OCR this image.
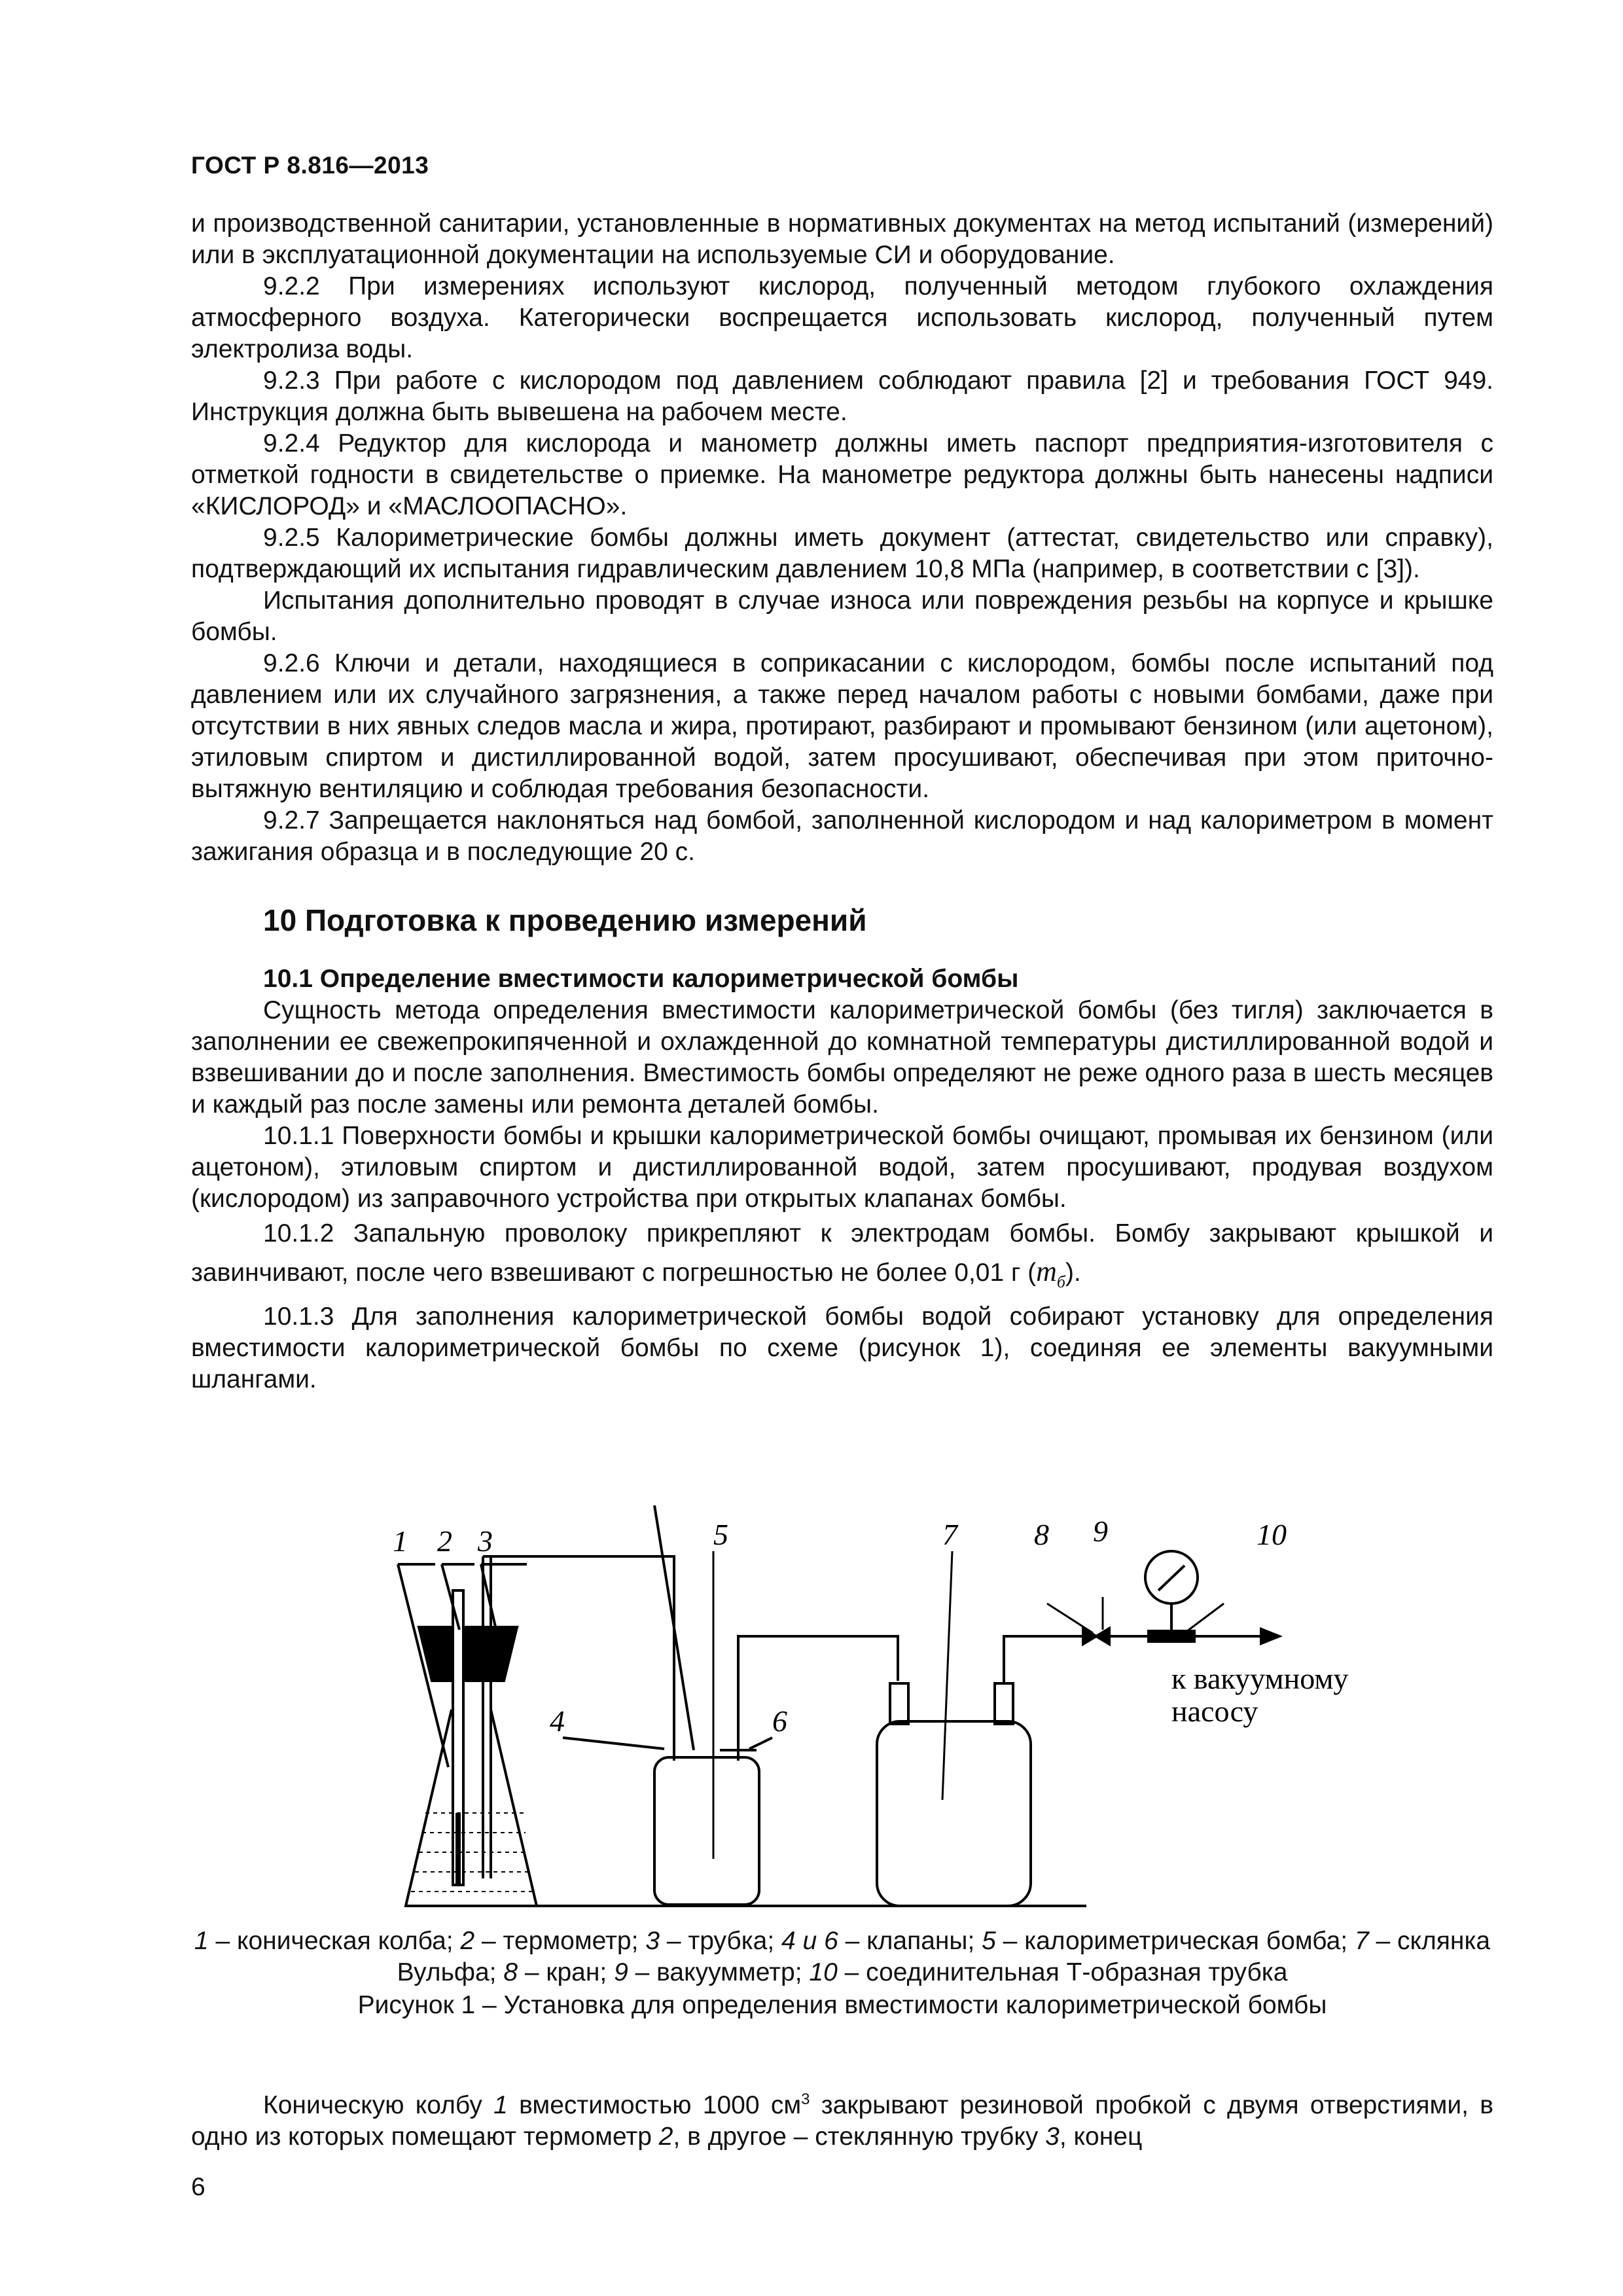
ГОСТ Р 8.816—2013

и производственной санитарии, установленные в нормативных документах на метод испытаний (измерений) или в эксплуатационной документации на используемые СИ и оборудование.

9.2.2 При измерениях используют кислород, полученный методом глубокого охлаждения атмосферного воздуха. Категорически воспрещается использовать кислород, полученный путем электролиза воды.

9.2.3 При работе с кислородом под давлением соблюдают правила [2] и требования ГОСТ 949. Инструкция должна быть вывешена на рабочем месте.

9.2.4 Редуктор для кислорода и манометр должны иметь паспорт предприятия-изготовителя с отметкой годности в свидетельстве о приемке. На манометре редуктора должны быть нанесены надписи «КИСЛОРОД» и «МАСЛООПАСНО».

9.2.5 Калориметрические бомбы должны иметь документ (аттестат, свидетельство или справку), подтверждающий их испытания гидравлическим давлением 10,8 МПа (например, в соответствии с [3]).

Испытания дополнительно проводят в случае износа или повреждения резьбы на корпусе и крышке бомбы.

9.2.6 Ключи и детали, находящиеся в соприкасании с кислородом, бомбы после испытаний под давлением или их случайного загрязнения, а также перед началом работы с новыми бомбами, даже при отсутствии в них явных следов масла и жира, протирают, разбирают и промывают бензином (или ацетоном), этиловым спиртом и дистиллированной водой, затем просушивают, обеспечивая при этом приточно-вытяжную вентиляцию и соблюдая требования безопасности.

9.2.7 Запрещается наклоняться над бомбой, заполненной кислородом и над калориметром в момент зажигания образца и в последующие 20 с.

10 Подготовка к проведению измерений

10.1 Определение вместимости калориметрической бомбы

Сущность метода определения вместимости калориметрической бомбы (без тигля) заключается в заполнении ее свежепрокипяченной и охлажденной до комнатной температуры дистиллированной водой и взвешивании до и после заполнения. Вместимость бомбы определяют не реже одного раза в шесть месяцев и каждый раз после замены или ремонта деталей бомбы.

10.1.1 Поверхности бомбы и крышки калориметрической бомбы очищают, промывая их бензином (или ацетоном), этиловым спиртом и дистиллированной водой, затем просушивают, продувая воздухом (кислородом) из заправочного устройства при открытых клапанах бомбы.

10.1.2 Запальную проволоку прикрепляют к электродам бомбы. Бомбу закрывают крышкой и завинчивают, после чего взвешивают с погрешностью не более 0,01 г $(m_б)$.

10.1.3 Для заполнения калориметрической бомбы водой собирают установку для определения вместимости калориметрической бомбы по схеме (рисунок 1), соединяя ее элементы вакуумными шлангами.

1 2 3
4
5
6
7	8 9	10
к вакуумному
насосу
1 – коническая колба; 2 – термометр; 3 – трубка; 4 и 6 – клапаны; 5 – калориметрическая бомба; 7 – склянка Вульфа; 8 – кран; 9 – вакуумметр; 10 – соединительная Т-образная трубка
Рисунок 1 – Установка для определения вместимости калориметрической бомбы

Коническую колбу 1 вместимостью 1000 $см^3$ закрывают резиновой пробкой с двумя отверстиями, в одно из которых помещают термометр 2, в другое – стеклянную трубку 3, конец

6
